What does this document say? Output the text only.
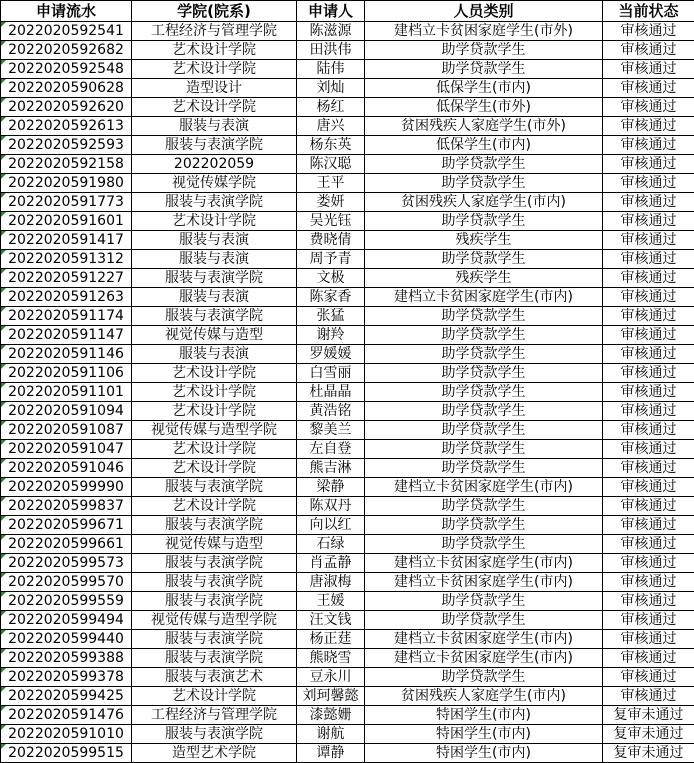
申请流水	学院(院系)	申请人	人员类别	当前状态
2022020592541	工程经济与管理学院	陈滋源	建档立卡贫困家庭学生(市外)	审核通过
2022020592682	艺术设计学院	田洪伟	助学贷款学生	审核通过
2022020592548	艺术设计学院	陆伟	助学贷款学生	审核通过
2022020590628	造型设计	刘灿	低保学生(市内)	审核通过
2022020592620	艺术设计学院	杨红	低保学生(市外)	审核通过
2022020592613	服装与表演	唐兴	贫困残疾人家庭学生(市外)	审核通过
2022020592593	服装与表演学院	杨东英	低保学生(市内)	审核通过
2022020592158	202202059	陈汉聪	助学贷款学生	审核通过
2022020591980	视觉传媒学院	王平	助学贷款学生	审核通过
2022020591773	服装与表演学院	娄妍	贫困残疾人家庭学生(市内)	审核通过
2022020591601	艺术设计学院	吴光钰	助学贷款学生	审核通过
2022020591417	服装与表演	费晓倩	残疾学生	审核通过
2022020591312	服装与表演	周予青	助学贷款学生	审核通过
2022020591227	服装与表演学院	文极	残疾学生	审核通过
2022020591263	服装与表演	陈家香	建档立卡贫困家庭学生(市内)	审核通过
2022020591174	服装与表演学院	张猛	助学贷款学生	审核通过
2022020591147	视觉传媒与造型	谢羚	助学贷款学生	审核通过
2022020591146	服装与表演	罗媛媛	助学贷款学生	审核通过
2022020591106	艺术设计学院	白雪丽	助学贷款学生	审核通过
2022020591101	艺术设计学院	杜晶晶	助学贷款学生	审核通过
2022020591094	艺术设计学院	黄浩铭	助学贷款学生	审核通过
2022020591087	视觉传媒与造型学院	黎美兰	助学贷款学生	审核通过
2022020591047	艺术设计学院	左自登	助学贷款学生	审核通过
2022020591046	艺术设计学院	熊吉淋	助学贷款学生	审核通过
2022020599990	服装与表演学院	梁静	建档立卡贫困家庭学生(市内)	审核通过
2022020599837	艺术设计学院	陈双丹	助学贷款学生	审核通过
2022020599671	服装与表演学院	向以红	助学贷款学生	审核通过
2022020599661	视觉传媒与造型	石绿	助学贷款学生	审核通过
2022020599573	服装与表演学院	肖孟静	建档立卡贫困家庭学生(市内)	审核通过
2022020599570	服装与表演学院	唐淑梅	建档立卡贫困家庭学生(市内)	审核通过
2022020599559	服装与表演学院	王媛	助学贷款学生	审核通过
2022020599494	视觉传媒与造型学院	汪文钱	助学贷款学生	审核通过
2022020599440	服装与表演学院	杨正莛	建档立卡贫困家庭学生(市内)	审核通过
2022020599388	服装与表演学院	熊晓雪	建档立卡贫困家庭学生(市内)	审核通过
2022020599378	服装与表演艺术	豆永川	助学贷款学生	审核通过
2022020599425	艺术设计学院	刘珂馨懿	贫困残疾人家庭学生(市内)	审核通过
2022020591476	工程经济与管理学院	漆懿姗	特困学生(市内)	复审未通过
2022020591010	服装与表演学院	谢航	特困学生(市内)	复审未通过
2022020599515	造型艺术学院	谭静	特困学生(市内)	复审未通过
